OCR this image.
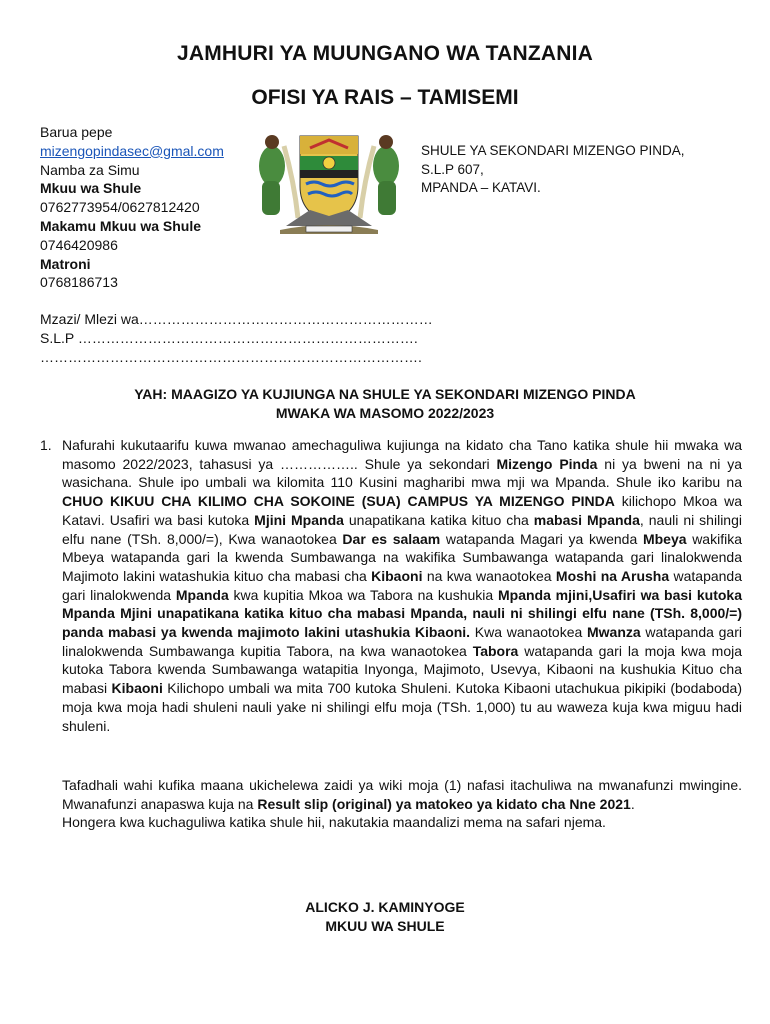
JAMHURI YA MUUNGANO WA TANZANIA
OFISI YA RAIS – TAMISEMI
Barua pepe
mizengopindasec@gmal.com
Namba za Simu
Mkuu wa Shule
0762773954/0627812420
Makamu Mkuu wa Shule
0746420986
Matroni
0768186713
SHULE YA SEKONDARI MIZENGO PINDA,
S.L.P 607,
MPANDA – KATAVI.
Mzazi/ Mlezi wa………………………………………………………
S.L.P ……………………………………………………………….
……………………………………………………………………….
YAH: MAAGIZO YA KUJIUNGA NA SHULE YA SEKONDARI MIZENGO PINDA
MWAKA WA MASOMO 2022/2023
1. Nafurahi kukutaarifu kuwa mwanao amechaguliwa kujiunga na kidato cha Tano katika shule hii mwaka wa masomo 2022/2023, tahasusi ya …………….. Shule ya sekondari Mizengo Pinda ni ya bweni na ni ya wasichana. Shule ipo umbali wa kilomita 110 Kusini magharibi mwa mji wa Mpanda. Shule iko karibu na CHUO KIKUU CHA KILIMO CHA SOKOINE (SUA) CAMPUS YA MIZENGO PINDA kilichopo Mkoa wa Katavi. Usafiri wa basi kutoka Mjini Mpanda unapatikana katika kituo cha mabasi Mpanda, nauli ni shilingi elfu nane (TSh. 8,000/=), Kwa wanaotokea Dar es salaam watapanda Magari ya kwenda Mbeya wakifika Mbeya watapanda gari la kwenda Sumbawanga na wakifika Sumbawanga watapanda gari linalokwenda Majimoto lakini watashukia kituo cha mabasi cha Kibaoni na kwa wanaotokea Moshi na Arusha watapanda gari linalokwenda Mpanda kwa kupitia Mkoa wa Tabora na kushukia Mpanda mjini,Usafiri wa basi kutoka Mpanda Mjini unapatikana katika kituo cha mabasi Mpanda, nauli ni shilingi elfu nane (TSh. 8,000/=) panda mabasi ya kwenda majimoto lakini utashukia Kibaoni. Kwa wanaotokea Mwanza watapanda gari linalokwenda Sumbawanga kupitia Tabora, na kwa wanaotokea Tabora watapanda gari la moja kwa moja kutoka Tabora kwenda Sumbawanga watapitia Inyonga, Majimoto, Usevya, Kibaoni na kushukia Kituo cha mabasi Kibaoni Kilichopo umbali wa mita 700 kutoka Shuleni. Kutoka Kibaoni utachukua pikipiki (bodaboda) moja kwa moja hadi shuleni nauli yake ni shilingi elfu moja (TSh. 1,000) tu au waweza kuja kwa miguu hadi shuleni.
Tafadhali wahi kufika maana ukichelewa zaidi ya wiki moja (1) nafasi itachuliwa na mwanafunzi mwingine. Mwanafunzi anapaswa kuja na Result slip (original) ya matokeo ya kidato cha Nne 2021.
Hongera kwa kuchaguliwa katika shule hii, nakutakia maandalizi mema na safari njema.
ALICKO J. KAMINYOGE
MKUU WA SHULE
